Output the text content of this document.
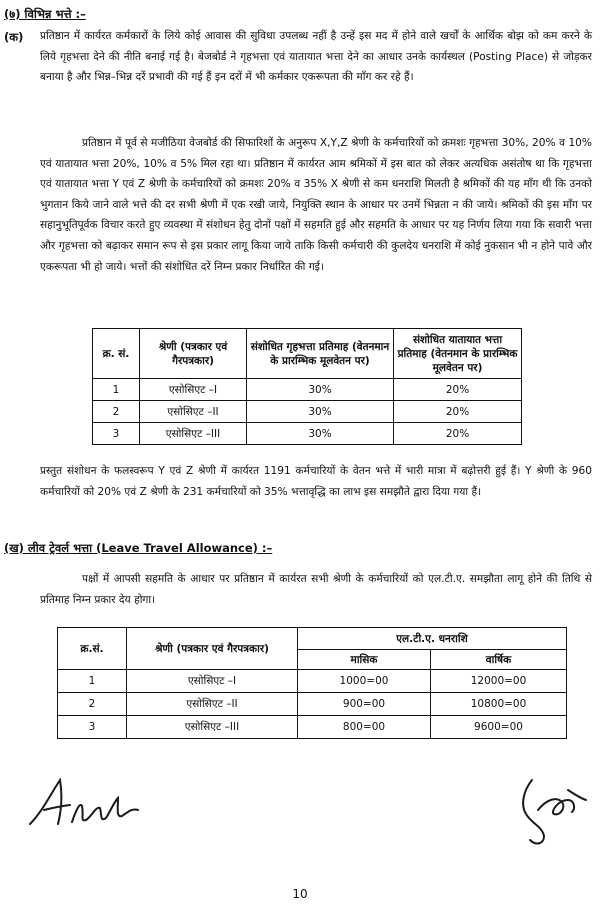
(७) विभिन्न भत्ते :–
(क) प्रतिष्ठान में कार्यरत कर्मकारों के लिये कोई आवास की सुविधा उपलब्ध नहीं है उन्हें इस मद में होने वाले खर्चों के आर्थिक बोझ को कम करने के लिये गृहभत्ता देने की नीति बनाई गई है। बेजबोर्ड ने गृहभत्ता एवं यातायात भत्ता देने का आधार उनके कार्यस्थल (Posting Place) से जोड़कर बनाया है और भिन्न–भिन्न दरें प्रभावी की गई हैं इन दरों में भी कर्मकार एकरूपता की माँग कर रहे हैं।

प्रतिष्ठान में पूर्व से मजीठिया वेजबोर्ड की सिफारिशों के अनुरूप X,Y,Z श्रेणी के कर्मचारियों को क्रमशः गृहभत्ता 30%, 20% व 10% एवं यातायात भत्ता 20%, 10% व 5% मिल रहा था। प्रतिष्ठान में कार्यरत आम श्रमिकों में इस बात को लेकर अत्यधिक असंतोष था कि गृहभत्ता एवं यातायात भत्ता Y एवं Z श्रेणी के कर्मचारियों को क्रमशः 20% व 35% X श्रेणी से कम धनराशि मिलती है श्रमिकों की यह माँग थी कि उनको भुगतान किये जाने वाले भत्ते की दर सभी श्रेणी में एक रखी जाये, नियुक्ति स्थान के आधार पर उनमें भिन्नता न की जाये। श्रमिकों की इस माँग पर सहानुभूतिपूर्वक विचार करते हुए व्यवस्था में संशोधन हेतु दोनों पक्षों में सहमति हुई और सहमति के आधार पर यह निर्णय लिया गया कि सवारी भत्ता और गृहभत्ता को बढ़ाकर समान रूप से इस प्रकार लागू किया जाये ताकि किसी कर्मचारी की कुलदेय धनराशि में कोई नुकसान भी न होने पावे और एकरूपता भी हो जाये। भत्तों की संशोधित दरें निम्न प्रकार निर्धारित की गई।

क्र. सं.	श्रेणी (पत्रकार एवं गैरपत्रकार)	संशोधित गृहभत्ता प्रतिमाह (वेतनमान के प्रारम्भिक मूलवेतन पर)	संशोधित यातायात भत्ता प्रतिमाह (वेतनमान के प्रारम्भिक मूलवेतन पर)
1	एसोसिएट –I	30%	20%
2	एसोसिएट –II	30%	20%
3	एसोसिएट –III	30%	20%

प्रस्तुत संशोधन के फलस्वरूप Y एवं Z श्रेणी में कार्यरत 1191 कर्मचारियों के वेतन भत्ते में भारी मात्रा में बढ़ोत्तरी हुई हैं। Y श्रेणी के 960 कर्मचारियों को 20% एवं Z श्रेणी के 231 कर्मचारियों को 35% भत्तावृद्धि का लाभ इस समझौते द्वारा दिया गया हैं।

(ख) लीव ट्रेवर्ल भत्ता (Leave Travel Allowance) :–

पक्षों में आपसी सहमति के आधार पर प्रतिष्ठान में कार्यरत सभी श्रेणी के कर्मचारियों को एल.टी.ए. समझौता लागू होने की तिथि से प्रतिमाह निम्न प्रकार देय होगा।

क्र.सं.	श्रेणी (पत्रकार एवं गैरपत्रकार)	एल.टी.ए. धनराशि	
		मासिक	वार्षिक
1	एसोसिएट –I	1000=00	12000=00
2	एसोसिएट –II	900=00	10800=00
3	एसोसिएट –III	800=00	9600=00
10
